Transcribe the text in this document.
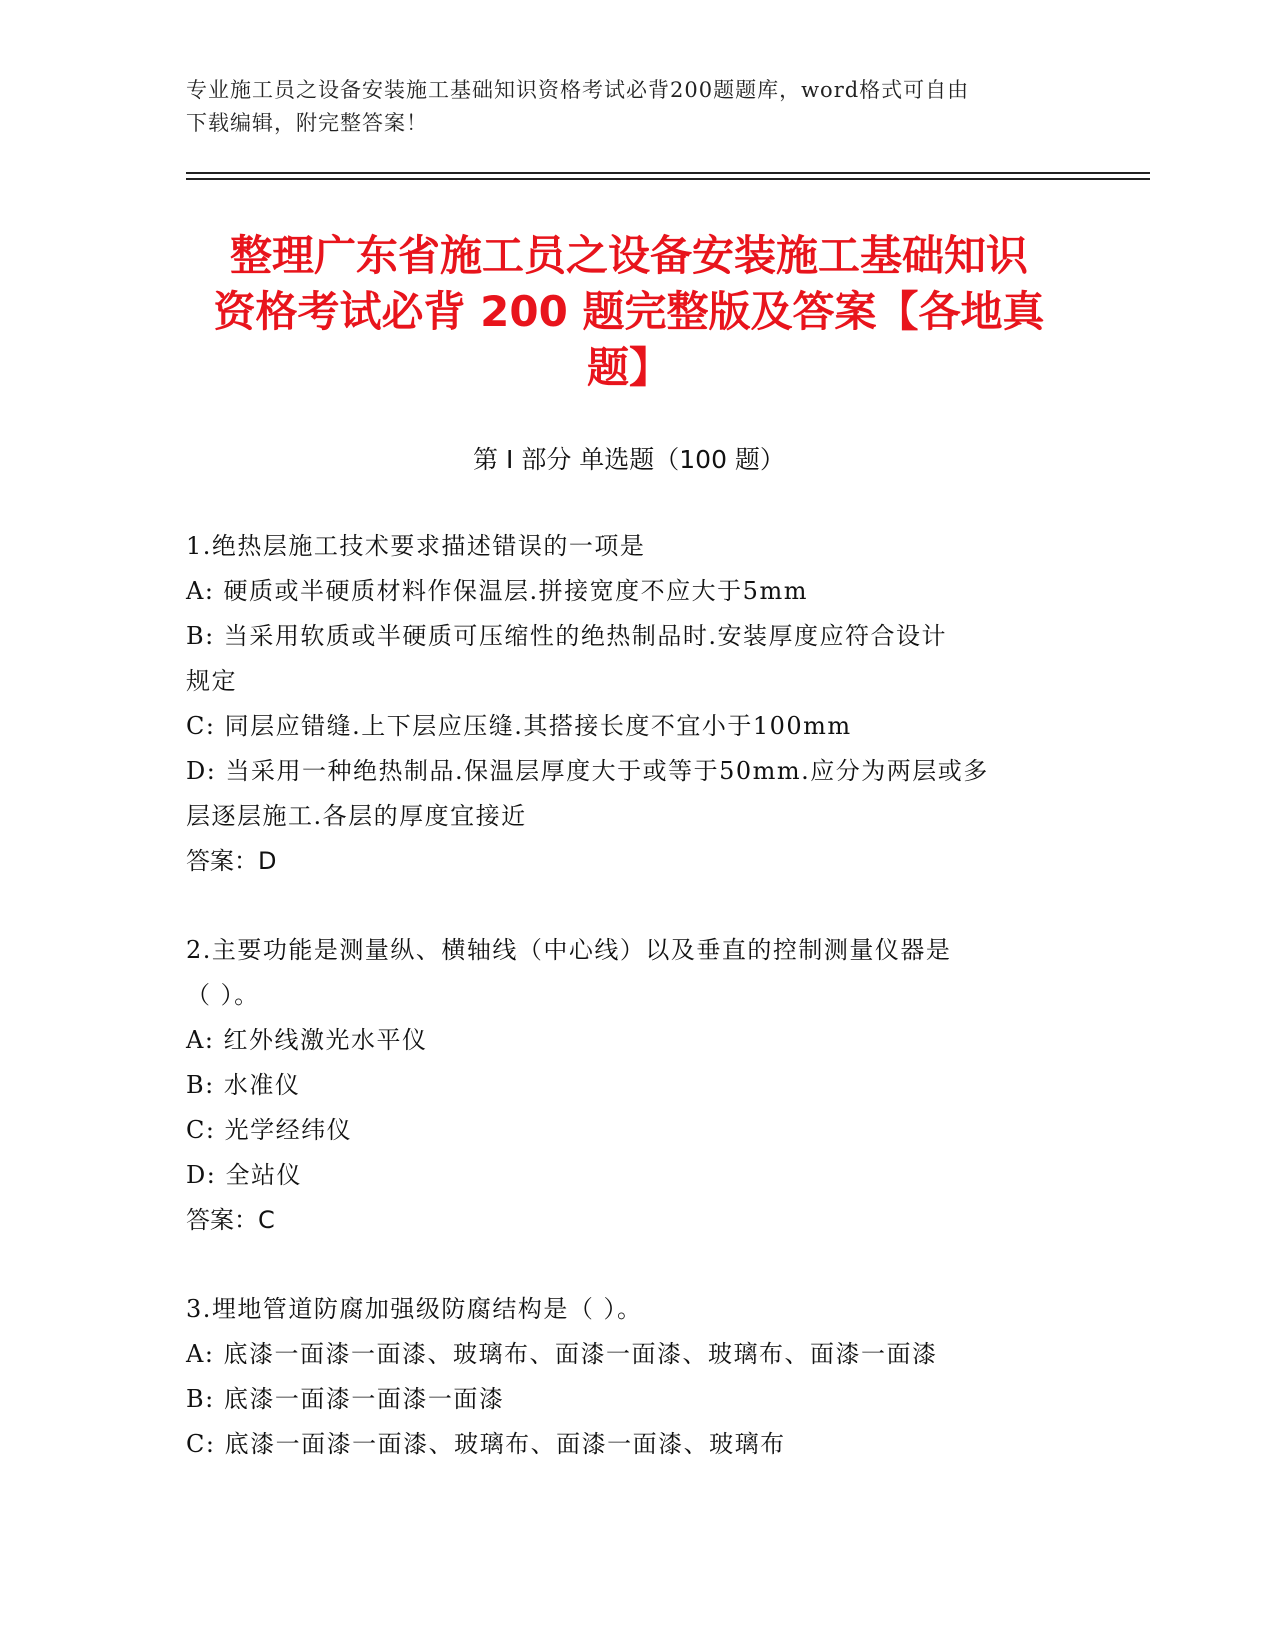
专业施工员之设备安装施工基础知识资格考试必背200题题库，word格式可自由
下载编辑，附完整答案！
整理广东省施工员之设备安装施工基础知识
资格考试必背 200 题完整版及答案【各地真
题】
第 I 部分 单选题（100 题）
1.绝热层施工技术要求描述错误的一项是
A: 硬质或半硬质材料作保温层.拼接宽度不应大于5mm
B: 当采用软质或半硬质可压缩性的绝热制品时.安装厚度应符合设计
规定
C: 同层应错缝.上下层应压缝.其搭接长度不宜小于100mm
D: 当采用一种绝热制品.保温层厚度大于或等于50mm.应分为两层或多
层逐层施工.各层的厚度宜接近
答案：D
2.主要功能是测量纵、横轴线（中心线）以及垂直的控制测量仪器是
（ ）。
A: 红外线激光水平仪
B: 水准仪
C: 光学经纬仪
D: 全站仪
答案：C
3.埋地管道防腐加强级防腐结构是（ ）。
A: 底漆一面漆一面漆、玻璃布、面漆一面漆、玻璃布、面漆一面漆
B: 底漆一面漆一面漆一面漆
C: 底漆一面漆一面漆、玻璃布、面漆一面漆、玻璃布
